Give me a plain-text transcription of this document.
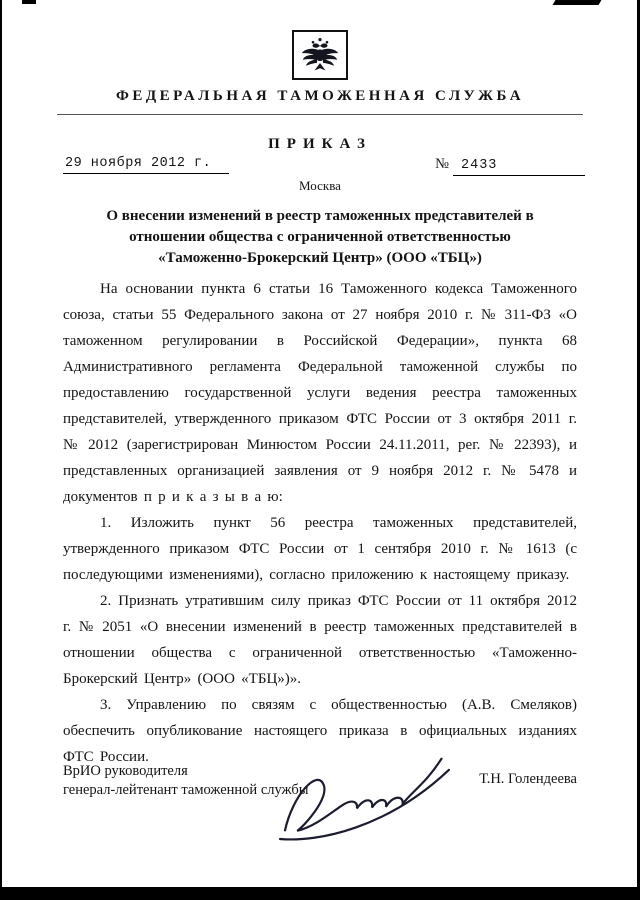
ФЕДЕРАЛЬНАЯ ТАМОЖЕННАЯ СЛУЖБА
ПРИКАЗ
29 ноября 2012 г.	№ 2433
Москва
О внесении изменений в реестр таможенных представителей в
отношении общества с ограниченной ответственностью
«Таможенно-Брокерский Центр» (ООО «ТБЦ»)

На основании пункта 6 статьи 16 Таможенного кодекса Таможенного союза, статьи 55 Федерального закона от 27 ноября 2010 г. № 311-ФЗ «О таможенном регулировании в Российской Федерации», пункта 68 Административного регламента Федеральной таможенной службы по предоставлению государственной услуги ведения реестра таможенных представителей, утвержденного приказом ФТС России от 3 октября 2011 г. № 2012 (зарегистрирован Минюстом России 24.11.2011, рег. № 22393), и представленных организацией заявления от 9 ноября 2012 г. № 5478 и документов п р и к а з ы в а ю:

1. Изложить пункт 56 реестра таможенных представителей, утвержденного приказом ФТС России от 1 сентября 2010 г. № 1613 (с последующими изменениями), согласно приложению к настоящему приказу.

2. Признать утратившим силу приказ ФТС России от 11 октября 2012 г. № 2051 «О внесении изменений в реестр таможенных представителей в отношении общества с ограниченной ответственностью «Таможенно-Брокерский Центр» (ООО «ТБЦ»)».

3. Управлению по связям с общественностью (А.В. Смеляков) обеспечить опубликование настоящего приказа в официальных изданиях ФТС России.

ВрИО руководителя
генерал-лейтенант таможенной службы
Т.Н. Голендеева
